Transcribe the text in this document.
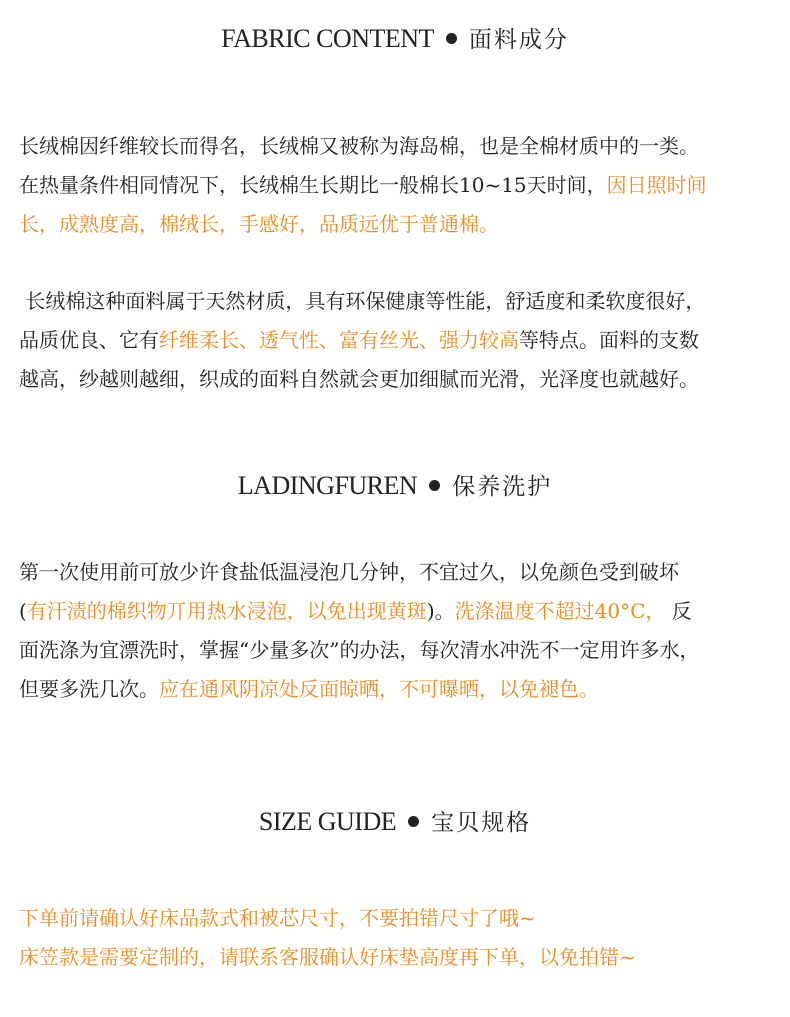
FABRIC CONTENT 面料成分
长绒棉因纤维较长而得名，长绒棉又被称为海岛棉，也是全棉材质中的一类。
在热量条件相同情况下，长绒棉生长期比一般棉长10~15天时间，因日照时间
长，成熟度高，棉绒长，手感好，品质远优于普通棉。
长绒棉这种面料属于天然材质，具有环保健康等性能，舒适度和柔软度很好，
品质优良、它有纤维柔长、透气性、富有丝光、强力较高等特点。面料的支数
越高，纱越则越细，织成的面料自然就会更加细腻而光滑，光泽度也就越好。
LADINGFUREN 保养洗护
第一次使用前可放少许食盐低温浸泡几分钟，不宜过久，以免颜色受到破坏
(有汗渍的棉织物丌用热水浸泡，以免出现黄斑)。洗涤温度不超过40°C， 反
面洗涤为宜漂洗时，掌握“少量多次”的办法，每次清水冲洗不一定用许多水，
但要多洗几次。应在通风阴凉处反面晾晒，不可曝晒，以免褪色。
SIZE GUIDE 宝贝规格
下单前请确认好床品款式和被芯尺寸，不要拍错尺寸了哦~
床笠款是需要定制的，请联系客服确认好床垫高度再下单，以免拍错~
